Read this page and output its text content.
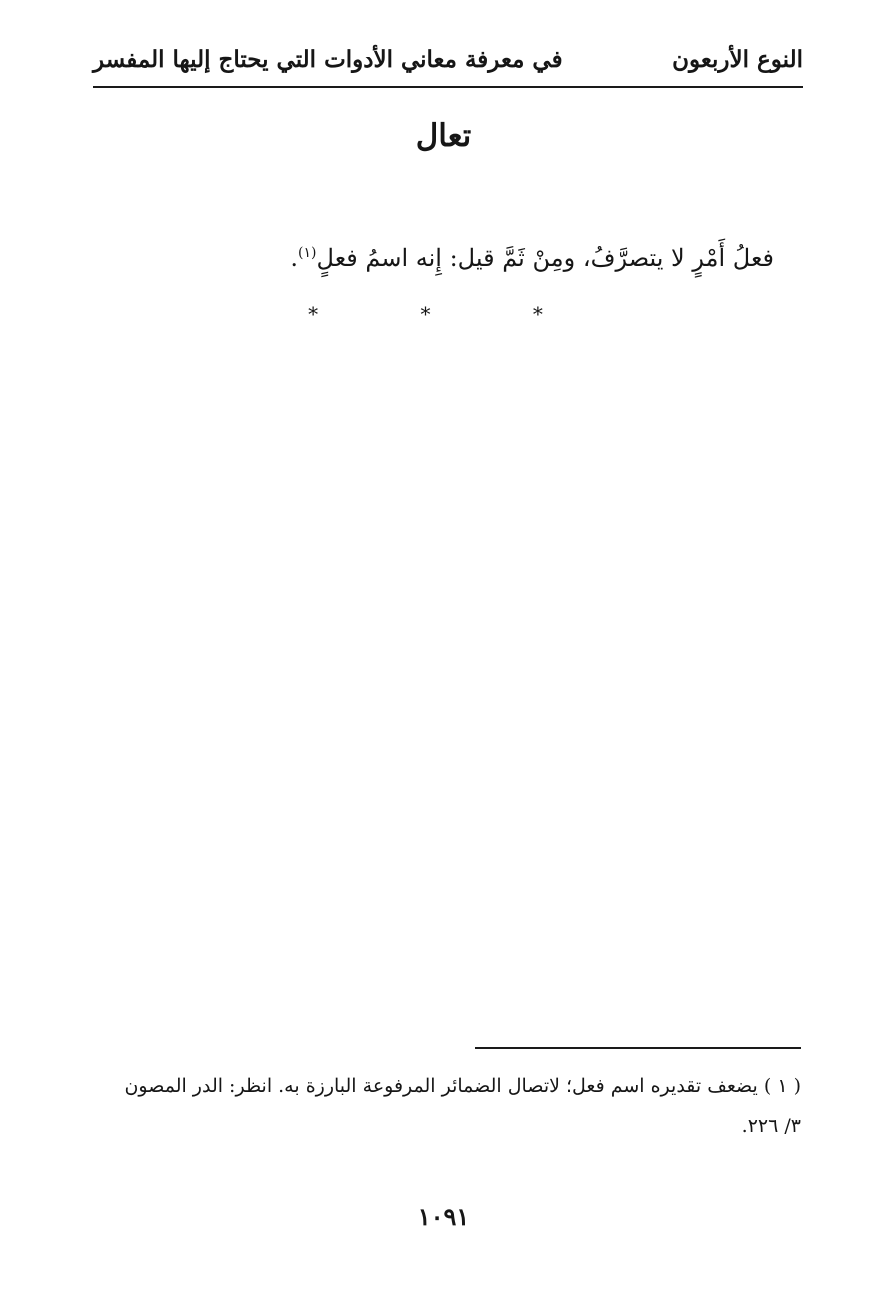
النوع الأربعون
في معرفة معاني الأدوات التي يحتاج إليها المفسر
تعال
فعلُ أَمْرٍ لا يتصرَّفُ، ومِنْ ثَمَّ قيل: إِنه اسمُ فعلٍ$^{(١)}$.
* * *
( ١ ) يضعف تقديره اسم فعل؛ لاتصال الضمائر المرفوعة البارزة به. انظر: الدر المصون
٣/ ٢٢٦.
١٠٩١
